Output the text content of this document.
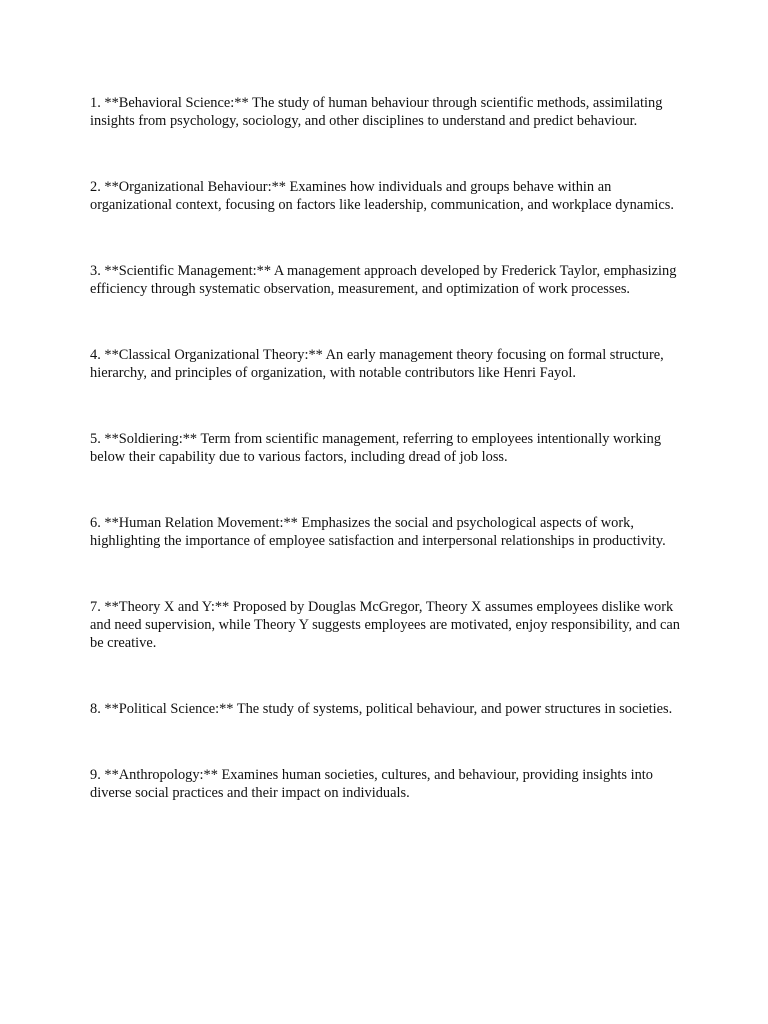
1. **Behavioral Science:** The study of human behaviour through scientific methods, assimilating insights from psychology, sociology, and other disciplines to understand and predict behaviour.
2. **Organizational Behaviour:** Examines how individuals and groups behave within an organizational context, focusing on factors like leadership, communication, and workplace dynamics.
3. **Scientific Management:** A management approach developed by Frederick Taylor, emphasizing efficiency through systematic observation, measurement, and optimization of work processes.
4. **Classical Organizational Theory:** An early management theory focusing on formal structure, hierarchy, and principles of organization, with notable contributors like Henri Fayol.
5. **Soldiering:** Term from scientific management, referring to employees intentionally working below their capability due to various factors, including dread of job loss.
6. **Human Relation Movement:** Emphasizes the social and psychological aspects of work, highlighting the importance of employee satisfaction and interpersonal relationships in productivity.
7. **Theory X and Y:** Proposed by Douglas McGregor, Theory X assumes employees dislike work and need supervision, while Theory Y suggests employees are motivated, enjoy responsibility, and can be creative.
8. **Political Science:** The study of systems, political behaviour, and power structures in societies.
9. **Anthropology:** Examines human societies, cultures, and behaviour, providing insights into diverse social practices and their impact on individuals.
